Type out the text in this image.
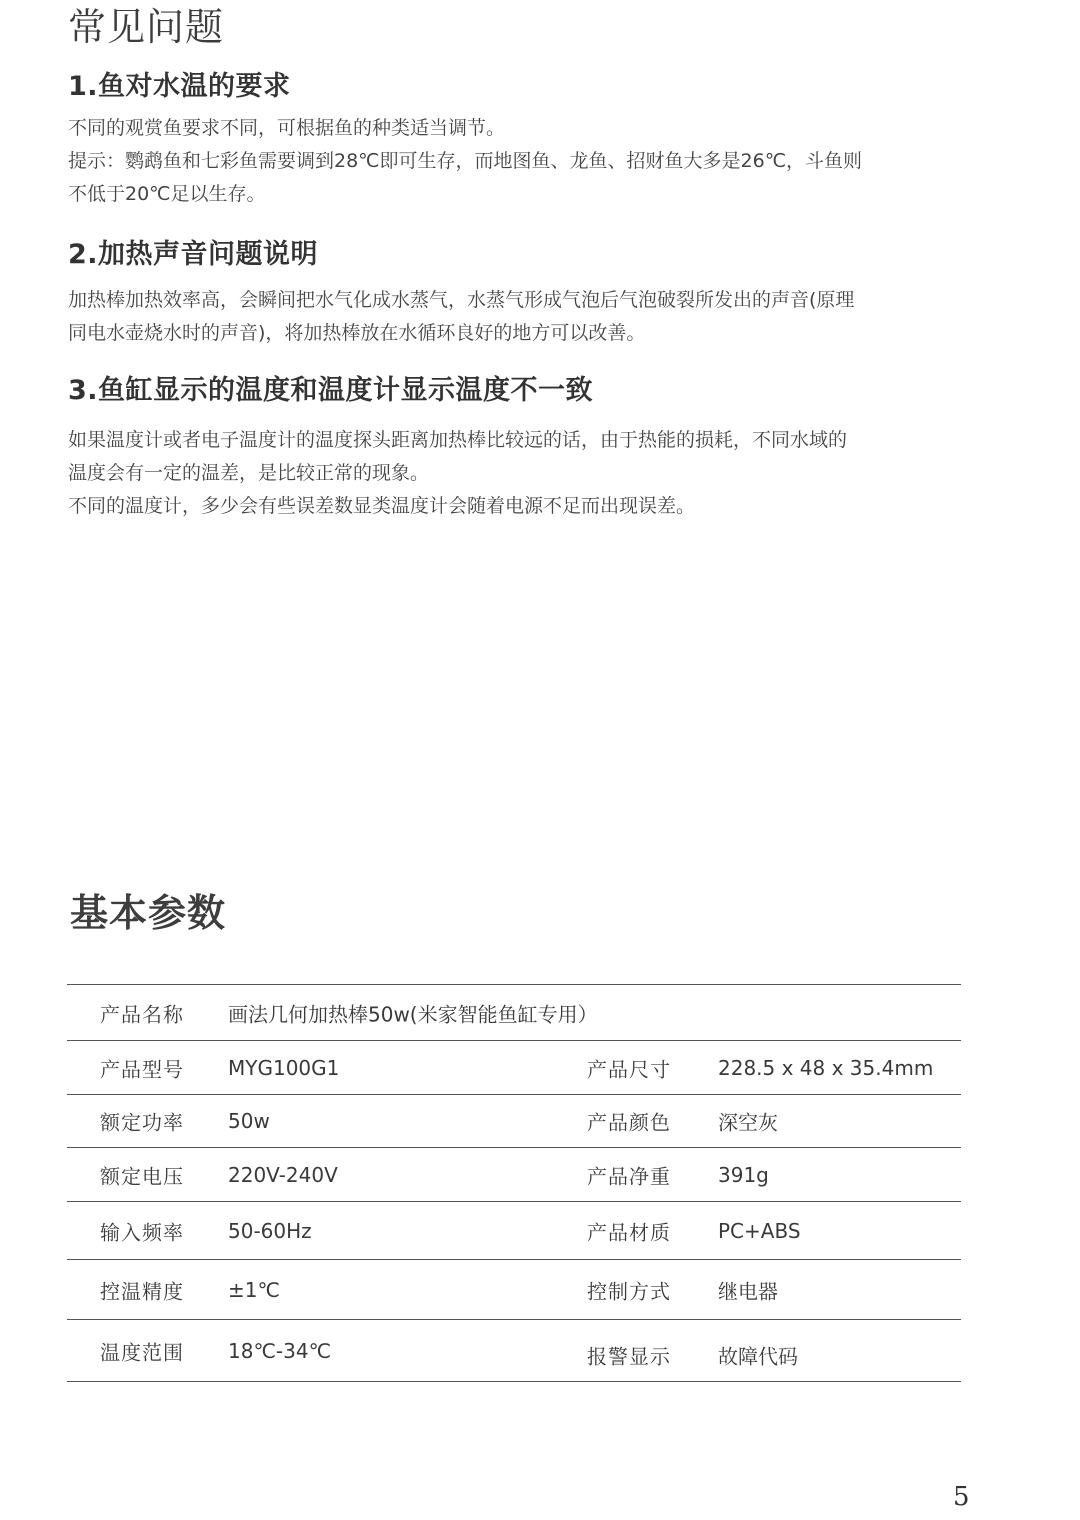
常见问题
1.鱼对水温的要求

不同的观赏鱼要求不同，可根据鱼的种类适当调节。

提示：鹦鹉鱼和七彩鱼需要调到28℃即可生存，而地图鱼、龙鱼、招财鱼大多是26℃，斗鱼则

不低于20℃足以生存。

2.加热声音问题说明

加热棒加热效率高，会瞬间把水气化成水蒸气，水蒸气形成气泡后气泡破裂所发出的声音(原理

同电水壶烧水时的声音)，将加热棒放在水循环良好的地方可以改善。

3.鱼缸显示的温度和温度计显示温度不一致

如果温度计或者电子温度计的温度探头距离加热棒比较远的话，由于热能的损耗，不同水域的

温度会有一定的温差，是比较正常的现象。

不同的温度计，多少会有些误差数显类温度计会随着电源不足而出现误差。

基本参数
产品名称 画法几何加热棒50w(米家智能鱼缸专用）
产品型号 MYG100G1	产品尺寸 228.5 x 48 x 35.4mm
额定功率 50w	产品颜色 深空灰
额定电压 220V-240V	产品净重 391g
输入频率 50-60Hz	产品材质 PC+ABS
控温精度 ±1℃	控制方式 继电器
温度范围 18℃-34℃	报警显示 故障代码
5
